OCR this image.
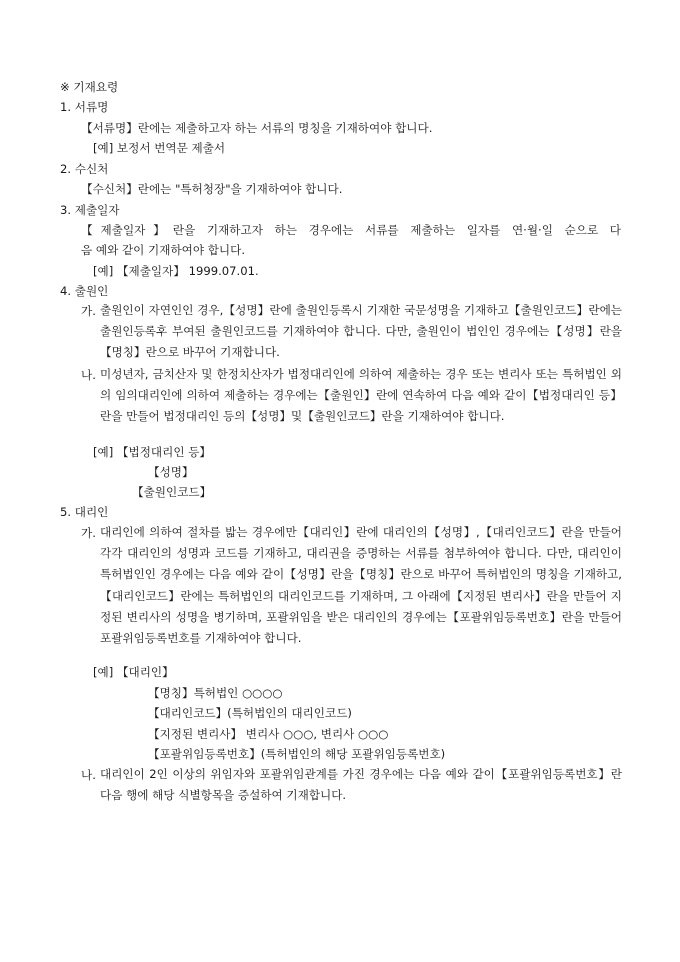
※ 기재요령
1. 서류명
【서류명】란에는 제출하고자 하는 서류의 명칭을 기재하여야 합니다.
[예] 보정서 번역문 제출서
2. 수신처
【수신처】란에는 "특허청장"을 기재하여야 합니다.
3. 제출일자
【제출일자】란을 기재하고자 하는 경우에는 서류를 제출하는 일자를 연·월·일 순으로 다
음 예와 같이 기재하여야 합니다.
[예] 【제출일자】 1999.07.01.
4. 출원인
가. 출원인이 자연인인 경우,【성명】란에 출원인등록시 기재한 국문성명을 기재하고【출원인코드】란에는 출원인등록후 부여된 출원인코드를 기재하여야 합니다. 다만, 출원인이 법인인 경우에는【성명】란을【명칭】란으로 바꾸어 기재합니다.
나. 미성년자, 금치산자 및 한정치산자가 법정대리인에 의하여 제출하는 경우 또는 변리사 또는 특허법인 외의 임의대리인에 의하여 제출하는 경우에는【출원인】란에 연속하여 다음 예와 같이【법정대리인 등】란을 만들어 법정대리인 등의【성명】및【출원인코드】란을 기재하여야 합니다.
[예] 【법정대리인 등】
【성명】
【출원인코드】
5. 대리인
가. 대리인에 의하여 절차를 밟는 경우에만【대리인】란에 대리인의【성명】,【대리인코드】란을 만들어 각각 대리인의 성명과 코드를 기재하고, 대리권을 증명하는 서류를 첨부하여야 합니다. 다만, 대리인이 특허법인인 경우에는 다음 예와 같이【성명】란을【명칭】란으로 바꾸어 특허법인의 명칭을 기재하고,【대리인코드】란에는 특허법인의 대리인코드를 기재하며, 그 아래에【지정된 변리사】란을 만들어 지정된 변리사의 성명을 병기하며, 포괄위임을 받은 대리인의 경우에는【포괄위임등록번호】란을 만들어 포괄위임등록번호를 기재하여야 합니다.
[예] 【대리인】
【명칭】특허법인 ○○○○
【대리인코드】(특허법인의 대리인코드)
【지정된 변리사】 변리사 ○○○, 변리사 ○○○
【포괄위임등록번호】(특허법인의 해당 포괄위임등록번호)
나. 대리인이 2인 이상의 위임자와 포괄위임관계를 가진 경우에는 다음 예와 같이【포괄위임등록번호】란 다음 행에 해당 식별항목을 증설하여 기재합니다.
